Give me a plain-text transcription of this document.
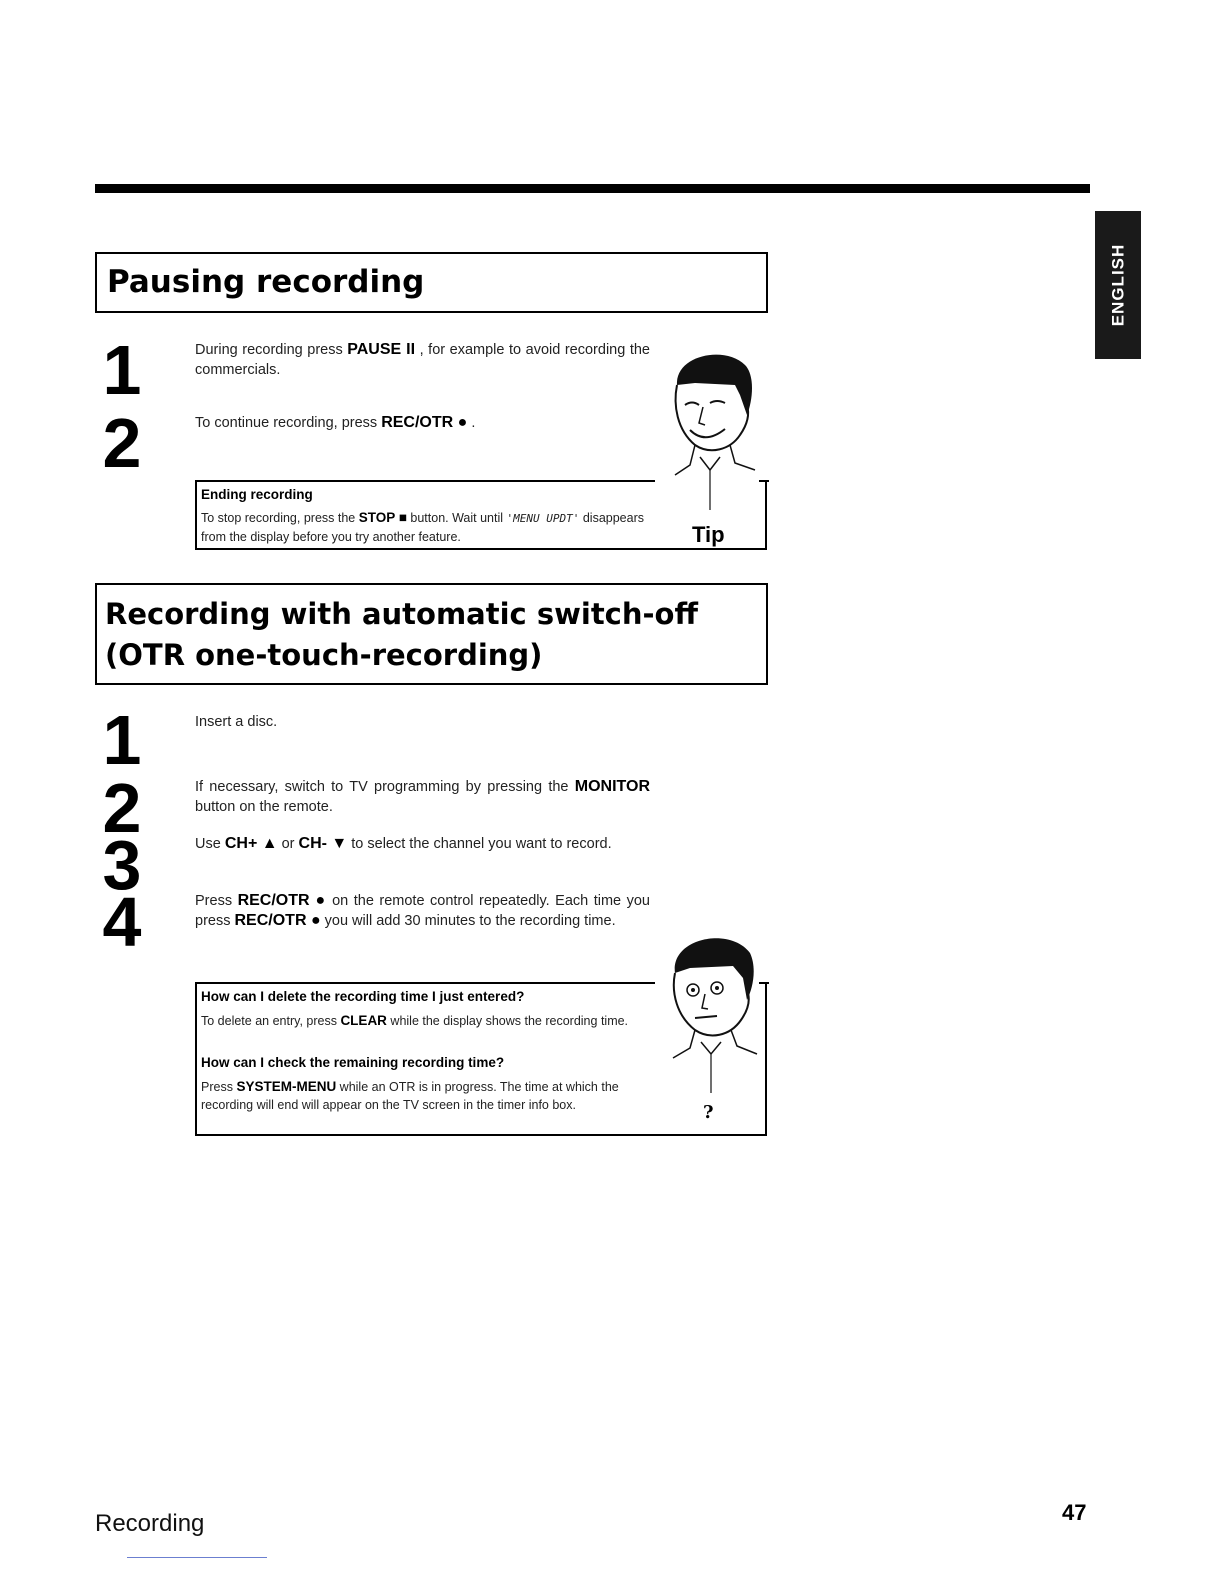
ENGLISH
Pausing recording
1	During recording press PAUSE II , for example to avoid recording the commercials.
2	To continue recording, press REC/OTR ● .
Ending recording
To stop recording, press the STOP ■ button. Wait until 'MENU UPDT' disappears from the display before you try another feature.	Tip
Recording with automatic switch-off
(OTR one-touch-recording)
1	Insert a disc.
2	If necessary, switch to TV programming by pressing the MONITOR button on the remote.
3	Use CH+ ▲ or CH- ▼ to select the channel you want to record.
4	Press REC/OTR ● on the remote control repeatedly. Each time you press REC/OTR ● you will add 30 minutes to the recording time.
How can I delete the recording time I just entered?
To delete an entry, press CLEAR while the display shows the recording time.
How can I check the remaining recording time?
Press SYSTEM-MENU while an OTR is in progress. The time at which the recording will end will appear on the TV screen in the timer info box.	?
Recording	47
